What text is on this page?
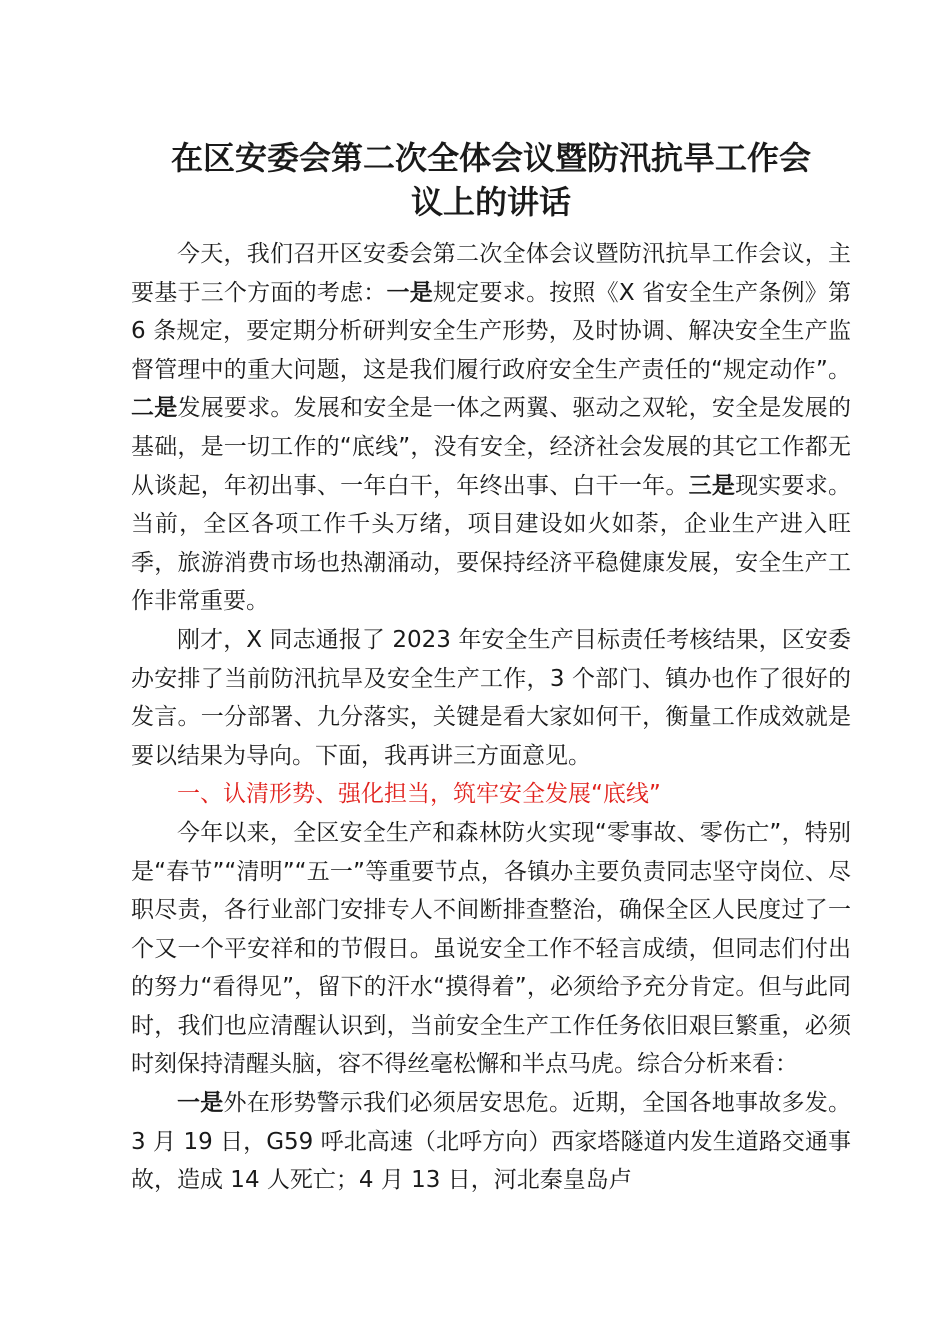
在区安委会第二次全体会议暨防汛抗旱工作会
议上的讲话

今天，我们召开区安委会第二次全体会议暨防汛抗旱工作会议，主要基于三个方面的考虑：一是规定要求。按照《X 省安全生产条例》第 6 条规定，要定期分析研判安全生产形势，及时协调、解决安全生产监督管理中的重大问题，这是我们履行政府安全生产责任的“规定动作”。二是发展要求。发展和安全是一体之两翼、驱动之双轮，安全是发展的基础，是一切工作的“底线”，没有安全，经济社会发展的其它工作都无从谈起，年初出事、一年白干，年终出事、白干一年。三是现实要求。当前，全区各项工作千头万绪，项目建设如火如荼，企业生产进入旺季，旅游消费市场也热潮涌动，要保持经济平稳健康发展，安全生产工作非常重要。

刚才，X 同志通报了 2023 年安全生产目标责任考核结果，区安委办安排了当前防汛抗旱及安全生产工作，3 个部门、镇办也作了很好的发言。一分部署、九分落实，关键是看大家如何干，衡量工作成效就是要以结果为导向。下面，我再讲三方面意见。

一、认清形势、强化担当，筑牢安全发展“底线”

今年以来，全区安全生产和森林防火实现“零事故、零伤亡”，特别是“春节”“清明”“五一”等重要节点，各镇办主要负责同志坚守岗位、尽职尽责，各行业部门安排专人不间断排查整治，确保全区人民度过了一个又一个平安祥和的节假日。虽说安全工作不轻言成绩，但同志们付出的努力“看得见”，留下的汗水“摸得着”，必须给予充分肯定。但与此同时，我们也应清醒认识到，当前安全生产工作任务依旧艰巨繁重，必须时刻保持清醒头脑，容不得丝毫松懈和半点马虎。综合分析来看：

一是外在形势警示我们必须居安思危。近期，全国各地事故多发。3 月 19 日，G59 呼北高速（北呼方向）西家塔隧道内发生道路交通事故，造成 14 人死亡；4 月 13 日，河北秦皇岛卢
